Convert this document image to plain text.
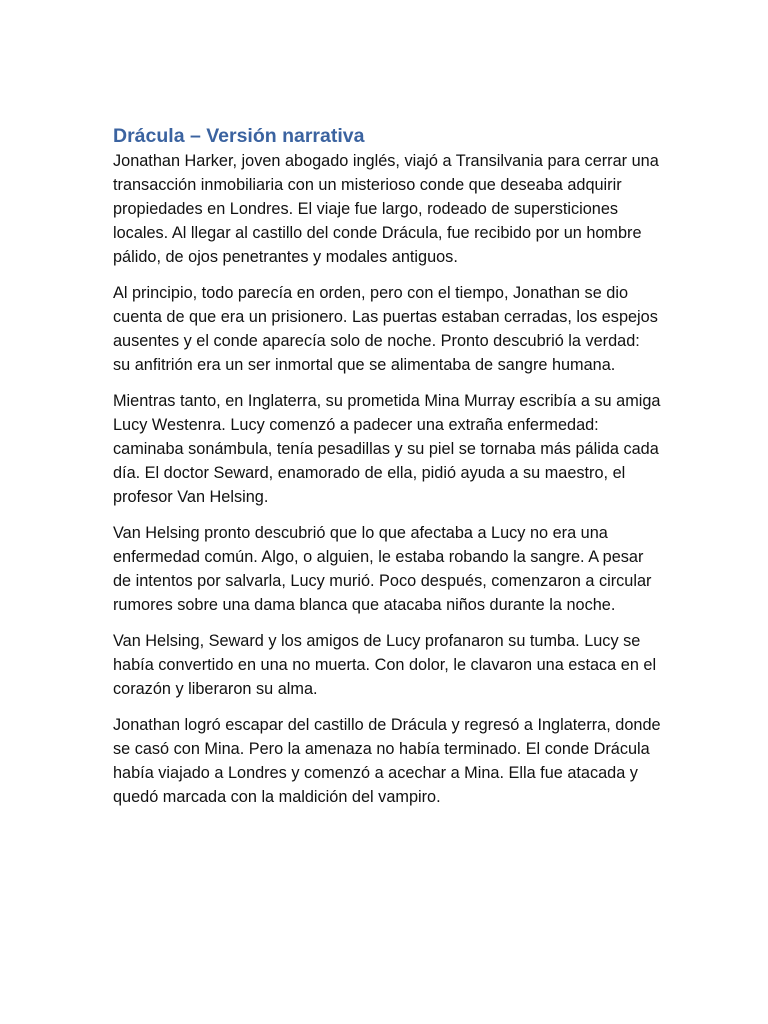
Drácula – Versión narrativa

Jonathan Harker, joven abogado inglés, viajó a Transilvania para cerrar una transacción inmobiliaria con un misterioso conde que deseaba adquirir propiedades en Londres. El viaje fue largo, rodeado de supersticiones locales. Al llegar al castillo del conde Drácula, fue recibido por un hombre pálido, de ojos penetrantes y modales antiguos.

Al principio, todo parecía en orden, pero con el tiempo, Jonathan se dio cuenta de que era un prisionero. Las puertas estaban cerradas, los espejos ausentes y el conde aparecía solo de noche. Pronto descubrió la verdad: su anfitrión era un ser inmortal que se alimentaba de sangre humana.

Mientras tanto, en Inglaterra, su prometida Mina Murray escribía a su amiga Lucy Westenra. Lucy comenzó a padecer una extraña enfermedad: caminaba sonámbula, tenía pesadillas y su piel se tornaba más pálida cada día. El doctor Seward, enamorado de ella, pidió ayuda a su maestro, el profesor Van Helsing.

Van Helsing pronto descubrió que lo que afectaba a Lucy no era una enfermedad común. Algo, o alguien, le estaba robando la sangre. A pesar de intentos por salvarla, Lucy murió. Poco después, comenzaron a circular rumores sobre una dama blanca que atacaba niños durante la noche.

Van Helsing, Seward y los amigos de Lucy profanaron su tumba. Lucy se había convertido en una no muerta. Con dolor, le clavaron una estaca en el corazón y liberaron su alma.

Jonathan logró escapar del castillo de Drácula y regresó a Inglaterra, donde se casó con Mina. Pero la amenaza no había terminado. El conde Drácula había viajado a Londres y comenzó a acechar a Mina. Ella fue atacada y quedó marcada con la maldición del vampiro.
